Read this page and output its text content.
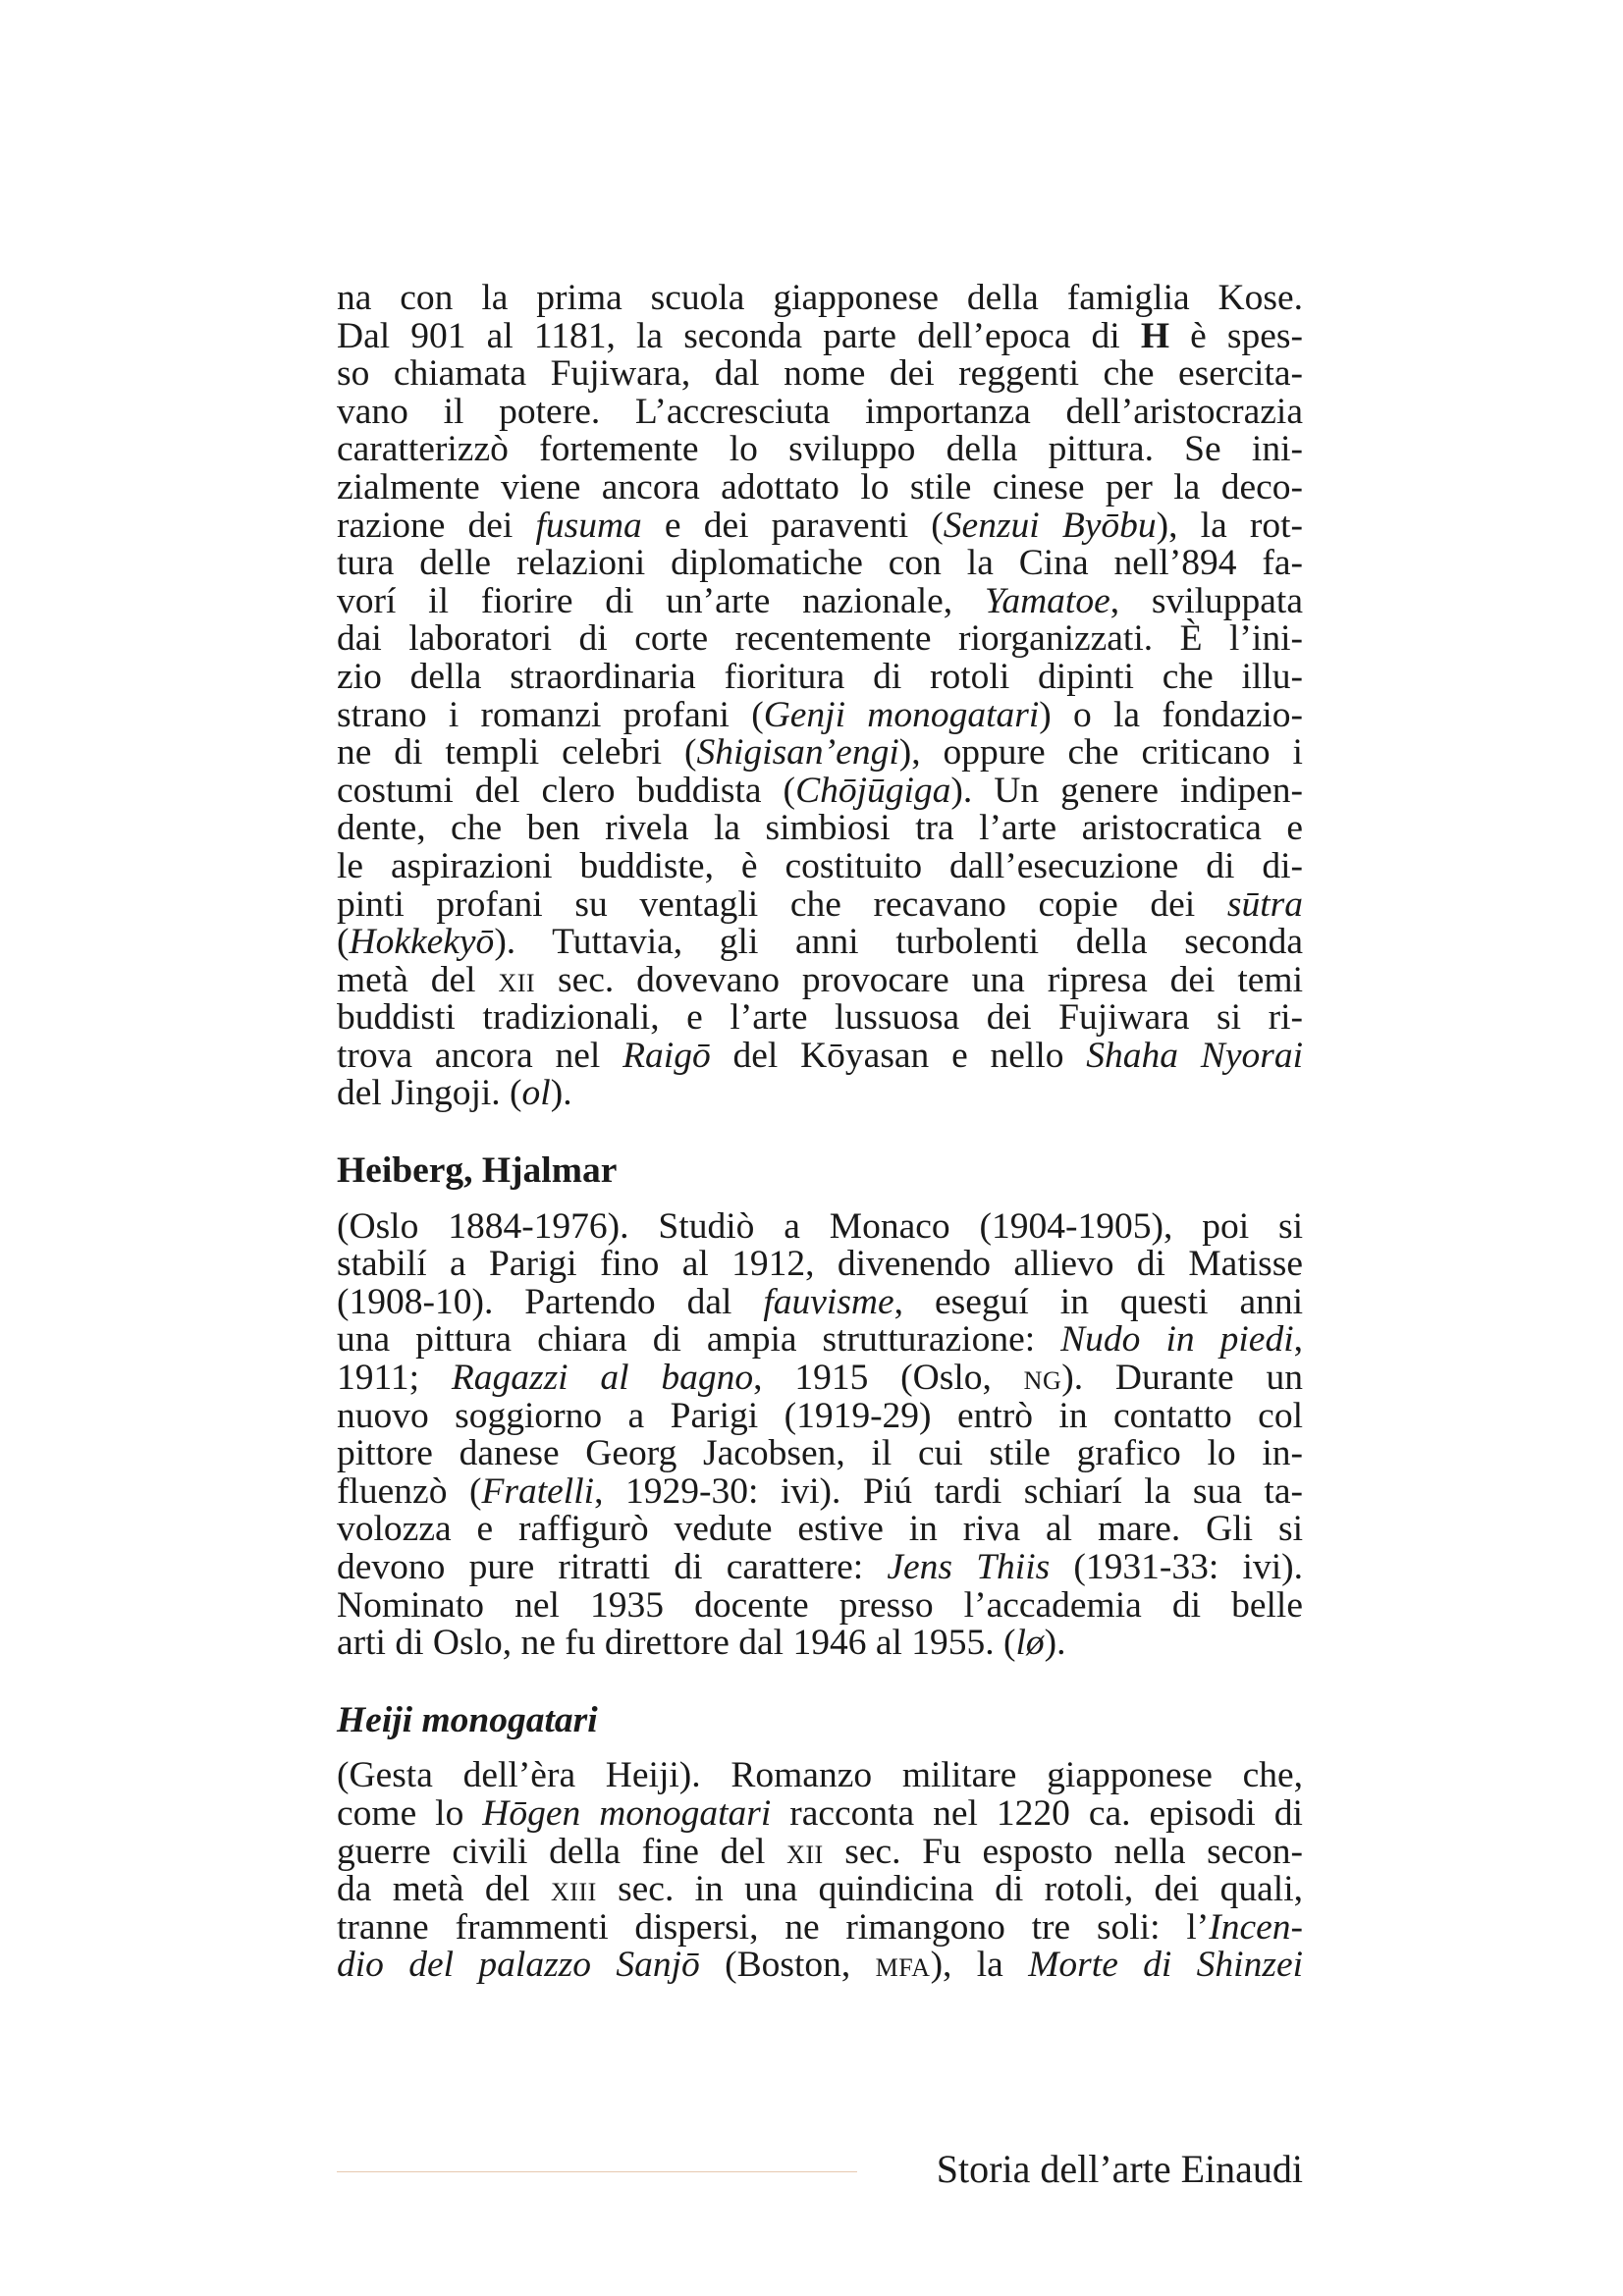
na con la prima scuola giapponese della famiglia Kose.
Dal 901 al 1181, la seconda parte dell’epoca di H è spes-
so chiamata Fujiwara, dal nome dei reggenti che esercita-
vano il potere. L’accresciuta importanza dell’aristocrazia
caratterizzò fortemente lo sviluppo della pittura. Se ini-
zialmente viene ancora adottato lo stile cinese per la deco-
razione dei fusuma e dei paraventi (Senzui Byōbu), la rot-
tura delle relazioni diplomatiche con la Cina nell’894 fa-
vorí il fiorire di un’arte nazionale, Yamatoe, sviluppata
dai laboratori di corte recentemente riorganizzati. È l’ini-
zio della straordinaria fioritura di rotoli dipinti che illu-
strano i romanzi profani (Genji monogatari) o la fondazio-
ne di templi celebri (Shigisan’engi), oppure che criticano i
costumi del clero buddista (Chōjūgiga). Un genere indipen-
dente, che ben rivela la simbiosi tra l’arte aristocratica e
le aspirazioni buddiste, è costituito dall’esecuzione di di-
pinti profani su ventagli che recavano copie dei sūtra
(Hokkekyō). Tuttavia, gli anni turbolenti della seconda
metà del xii sec. dovevano provocare una ripresa dei temi
buddisti tradizionali, e l’arte lussuosa dei Fujiwara si ri-
trova ancora nel Raigō del Kōyasan e nello Shaha Nyorai
del Jingoji. (ol).
Heiberg, Hjalmar
(Oslo 1884-1976). Studiò a Monaco (1904-1905), poi si
stabilí a Parigi fino al 1912, divenendo allievo di Matisse
(1908-10). Partendo dal fauvisme, eseguí in questi anni
una pittura chiara di ampia strutturazione: Nudo in piedi,
1911; Ragazzi al bagno, 1915 (Oslo, ng). Durante un
nuovo soggiorno a Parigi (1919-29) entrò in contatto col
pittore danese Georg Jacobsen, il cui stile grafico lo in-
fluenzò (Fratelli, 1929-30: ivi). Piú tardi schiarí la sua ta-
volozza e raffigurò vedute estive in riva al mare. Gli si
devono pure ritratti di carattere: Jens Thiis (1931-33: ivi).
Nominato nel 1935 docente presso l’accademia di belle
arti di Oslo, ne fu direttore dal 1946 al 1955. (lø).
Heiji monogatari
(Gesta dell’èra Heiji). Romanzo militare giapponese che,
come lo Hōgen monogatari racconta nel 1220 ca. episodi di
guerre civili della fine del xii sec. Fu esposto nella secon-
da metà del xiii sec. in una quindicina di rotoli, dei quali,
tranne frammenti dispersi, ne rimangono tre soli: l’Incen-
dio del palazzo Sanjō (Boston, mfa), la Morte di Shinzei
Storia dell’arte Einaudi
